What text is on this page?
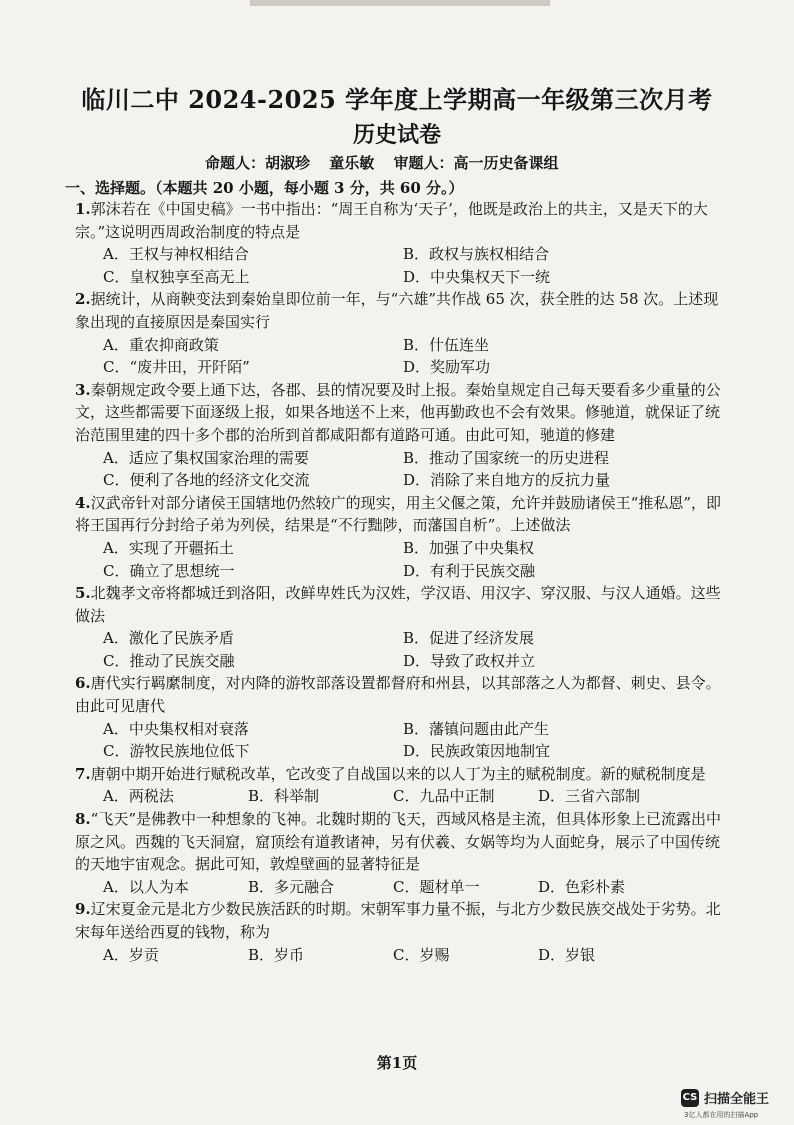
临川二中 2024-2025 学年度上学期高一年级第三次月考
历史试卷
命题人：胡淑珍 童乐敏 审题人：高一历史备课组
一、选择题。（本题共 20 小题，每小题 3 分，共 60 分。）
1.郭沫若在《中国史稿》一书中指出：“周王自称为‘天子’，他既是政治上的共主，又是天下的大宗。”这说明西周政治制度的特点是
A．王权与神权相结合	B．政权与族权相结合
C．皇权独享至高无上	D．中央集权天下一统
2.据统计，从商鞅变法到秦始皇即位前一年，与“六雄”共作战 65 次，获全胜的达 58 次。上述现象出现的直接原因是秦国实行
A．重农抑商政策	B．什伍连坐
C．“废井田，开阡陌”	D．奖励军功
3.秦朝规定政令要上通下达，各郡、县的情况要及时上报。秦始皇规定自己每天要看多少重量的公文，这些都需要下面逐级上报，如果各地送不上来，他再勤政也不会有效果。修驰道，就保证了统治范围里建的四十多个郡的治所到首都咸阳都有道路可通。由此可知，驰道的修建
A．适应了集权国家治理的需要	B．推动了国家统一的历史进程
C．便利了各地的经济文化交流	D．消除了来自地方的反抗力量
4.汉武帝针对部分诸侯王国辖地仍然较广的现实，用主父偃之策，允许并鼓励诸侯王“推私恩”，即将王国再行分封给子弟为列侯，结果是“不行黜陟，而藩国自析”。上述做法
A．实现了开疆拓土	B．加强了中央集权
C．确立了思想统一	D．有利于民族交融
5.北魏孝文帝将都城迁到洛阳，改鲜卑姓氏为汉姓，学汉语、用汉字、穿汉服、与汉人通婚。这些做法
A．激化了民族矛盾	B．促进了经济发展
C．推动了民族交融	D．导致了政权并立
6.唐代实行羁縻制度，对内降的游牧部落设置都督府和州县，以其部落之人为都督、刺史、县令。由此可见唐代
A．中央集权相对衰落	B．藩镇问题由此产生
C．游牧民族地位低下	D．民族政策因地制宜
7.唐朝中期开始进行赋税改革，它改变了自战国以来的以人丁为主的赋税制度。新的赋税制度是
A．两税法	B．科举制	C．九品中正制	D．三省六部制
8.“飞天”是佛教中一种想象的飞神。北魏时期的飞天，西域风格是主流，但具体形象上已流露出中原之风。西魏的飞天洞窟，窟顶绘有道教诸神，另有伏羲、女娲等均为人面蛇身，展示了中国传统的天地宇宙观念。据此可知，敦煌壁画的显著特征是
A．以人为本	B．多元融合	C．题材单一	D．色彩朴素
9.辽宋夏金元是北方少数民族活跃的时期。宋朝军事力量不振，与北方少数民族交战处于劣势。北宋每年送给西夏的钱物，称为
A．岁贡	B．岁币	C．岁赐	D．岁银
第1页
CS 扫描全能王
3亿人都在用的扫描App
